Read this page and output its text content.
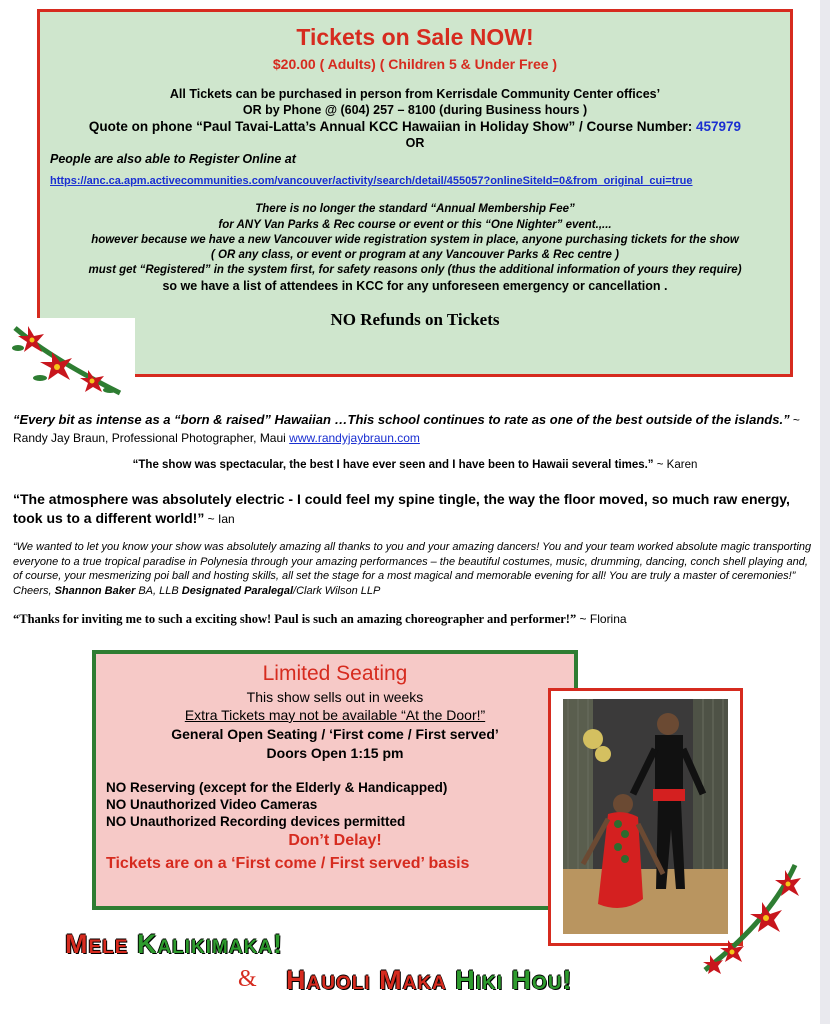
Tickets on Sale NOW!
$20.00 ( Adults) ( Children 5 & Under Free )
All Tickets can be purchased in person from Kerrisdale Community Center offices’
OR by Phone @ (604) 257 – 8100 (during Business hours )
Quote on phone “Paul Tavai-Latta’s Annual KCC Hawaiian in Holiday Show” / Course Number: 457979
OR
People are also able to Register Online at
https://anc.ca.apm.activecommunities.com/vancouver/activity/search/detail/455057?onlineSiteId=0&from_original_cui=true
There is no longer the standard “Annual Membership Fee”
for ANY Van Parks & Rec course or event or this “One Nighter” event.,...
however because we have a new Vancouver wide registration system in place, anyone purchasing tickets for the show
( OR any class, or event or program at any Vancouver Parks & Rec centre )
must get “Registered” in the system first, for safety reasons only (thus the additional information of yours they require)
so we have a list of attendees in KCC for any unforeseen emergency or cancellation .
NO Refunds on Tickets
“Every bit as intense as a “born & raised” Hawaiian …This school continues to rate as one of the best outside of the islands.” ~ Randy Jay Braun, Professional Photographer, Maui www.randyjaybraun.com
“The show was spectacular, the best I have ever seen and I have been to Hawaii several times.” ~ Karen
“The atmosphere was absolutely electric - I could feel my spine tingle, the way the floor moved, so much raw energy, took us to a different world!” ~ Ian
“We wanted to let you know your show was absolutely amazing all thanks to you and your amazing dancers! You and your team worked absolute magic transporting everyone to a true tropical paradise in Polynesia through your amazing performances – the beautiful costumes, music, drumming, dancing, conch shell playing and, of course, your mesmerizing poi ball and hosting skills, all set the stage for a most magical and memorable evening for all! You are truly a master of ceremonies!” Cheers, Shannon Baker BA, LLB Designated Paralegal/Clark Wilson LLP
“Thanks for inviting me to such a exciting show! Paul is such an amazing choreographer and performer!” ~ Florina
Limited Seating
This show sells out in weeks
Extra Tickets may not be available “At the Door!”
General Open Seating / ‘First come / First served’
Doors Open 1:15 pm
NO Reserving (except for the Elderly & Handicapped)
NO Unauthorized Video Cameras
NO Unauthorized Recording devices permitted
Don’t Delay!
Tickets are on a ‘First come / First served’ basis
Mele Kalikimaka!
& Hauoli Maka Hiki Hou!
